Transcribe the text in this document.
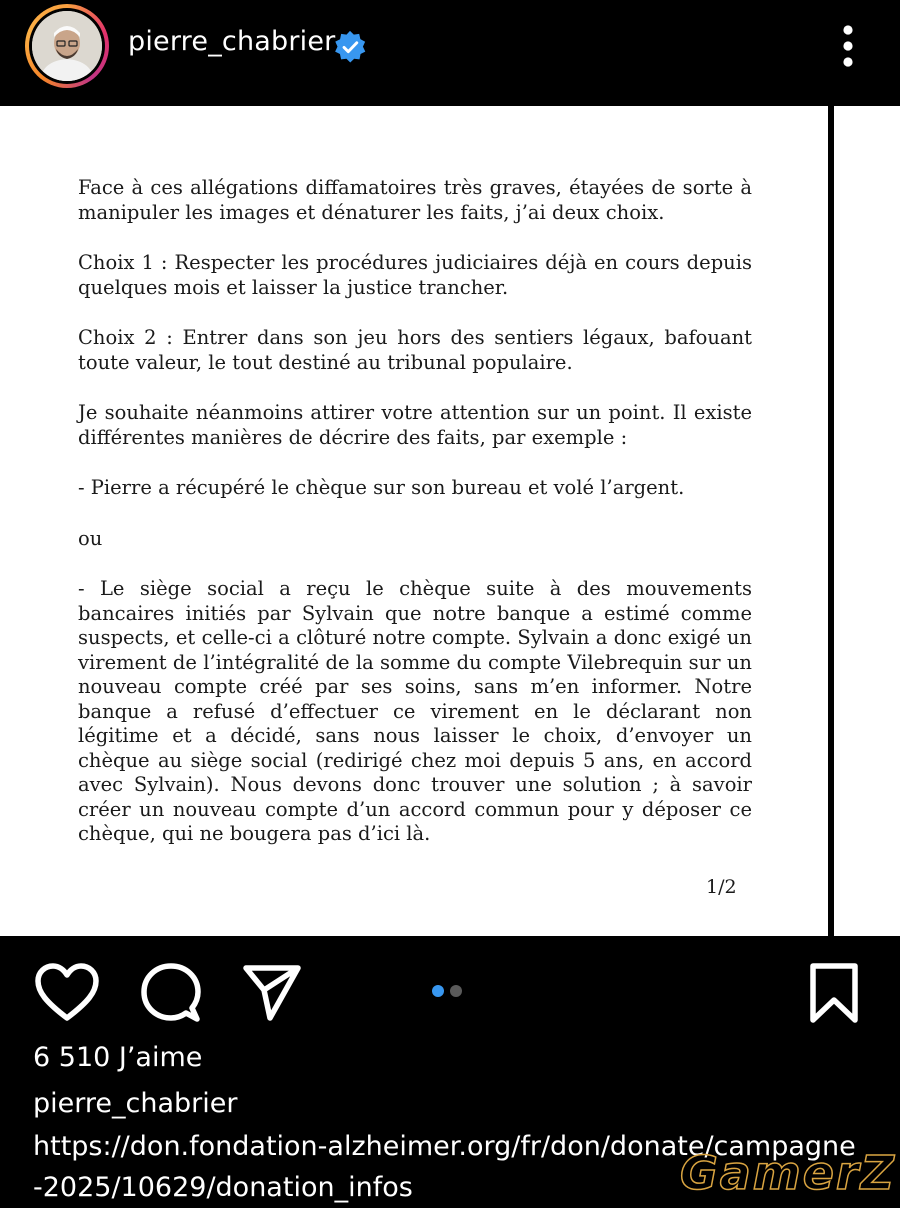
pierre_chabrier

Face à ces allégations diffamatoires très graves, étayées de sorte à manipuler les images et dénaturer les faits, j’ai deux choix.

Choix 1 : Respecter les procédures judiciaires déjà en cours depuis quelques mois et laisser la justice trancher.

Choix 2 : Entrer dans son jeu hors des sentiers légaux, bafouant toute valeur, le tout destiné au tribunal populaire.

Je souhaite néanmoins attirer votre attention sur un point. Il existe différentes manières de décrire des faits, par exemple :

- Pierre a récupéré le chèque sur son bureau et volé l’argent.

ou

- Le siège social a reçu le chèque suite à des mouvements bancaires initiés par Sylvain que notre banque a estimé comme suspects, et celle-ci a clôturé notre compte. Sylvain a donc exigé un virement de l’intégralité de la somme du compte Vilebrequin sur un nouveau compte créé par ses soins, sans m’en informer. Notre banque a refusé d’effectuer ce virement en le déclarant non légitime et a décidé, sans nous laisser le choix, d’envoyer un chèque au siège social (redirigé chez moi depuis 5 ans, en accord avec Sylvain). Nous devons donc trouver une solution ; à savoir créer un nouveau compte d’un accord commun pour y déposer ce chèque, qui ne bougera pas d’ici là.

1/2
6 510 J’aime
pierre_chabrier
https://don.fondation-alzheimer.org/fr/don/donate/campagne-2025/10629/donation_infos	GamerZ
